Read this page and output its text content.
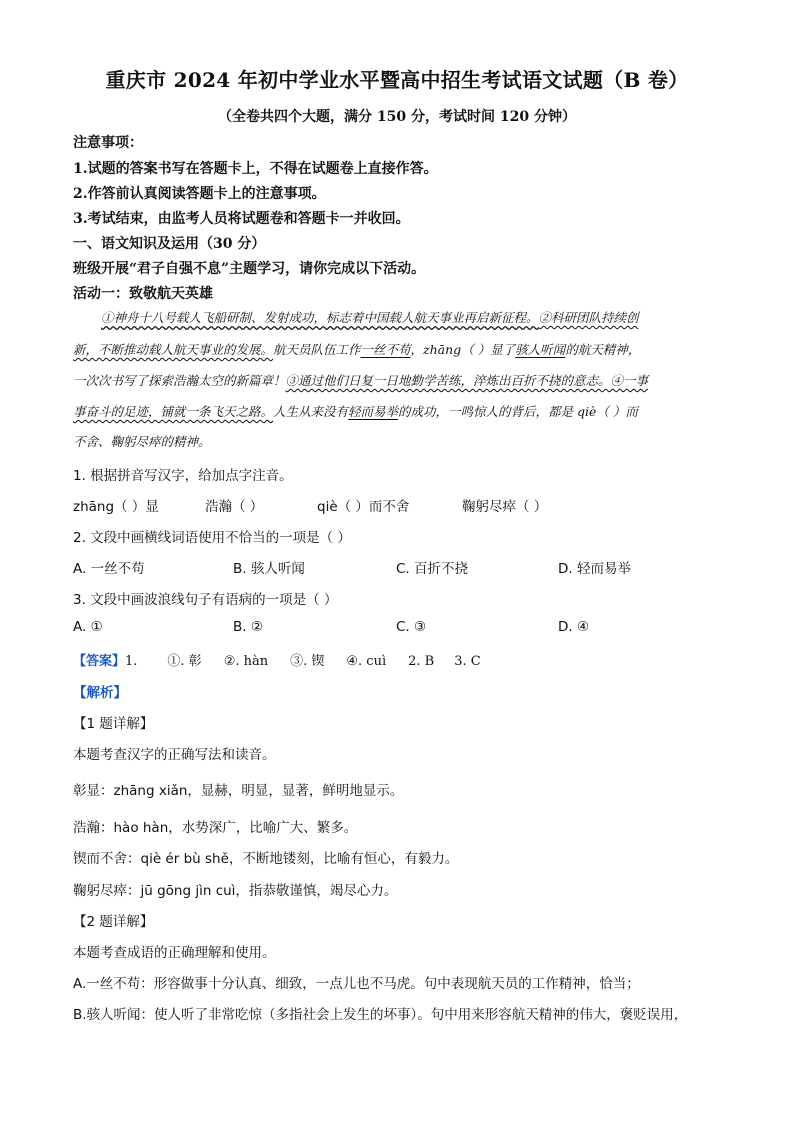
重庆市 2024 年初中学业水平暨高中招生考试语文试题（B 卷）
（全卷共四个大题，满分 150 分，考试时间 120 分钟）
注意事项：
1.试题的答案书写在答题卡上，不得在试题卷上直接作答。
2.作答前认真阅读答题卡上的注意事项。
3.考试结束，由监考人员将试题卷和答题卡一并收回。
一、语文知识及运用（30 分）
班级开展“君子自强不息”主题学习，请你完成以下活动。
活动一：致敬航天英雄
①神舟十八号载人飞船研制、发射成功，标志着中国载人航天事业再启新征程。②科研团队持续创
新，不断推动载人航天事业的发展。航天员队伍工作一丝不苟，zhāng（ ）显了骇人听闻的航天精神，
一次次书写了探索浩瀚太空的新篇章！③通过他们日复一日地勤学苦练，淬炼出百折不挠的意志。④一事
事奋斗的足迹，铺就一条飞天之路。人生从来没有轻而易举的成功，一鸣惊人的背后，都是 qiè（ ）而
不舍、鞠躬尽瘁的精神。
1. 根据拼音写汉字，给加点字注音。
zhāng（ ）显	浩瀚（ ）	qiè（ ）而不舍	鞠躬尽瘁（ ）
2. 文段中画横线词语使用不恰当的一项是（ ）
A. 一丝不苟	B. 骇人听闻	C. 百折不挠	D. 轻而易举
3. 文段中画波浪线句子有语病的一项是（ ）
A. ①	B. ②	C. ③	D. ④
【答案】1. ①. 彰 ②. hàn ③. 锲 ④. cuì 2. B 3. C
【解析】
【1 题详解】
本题考查汉字的正确写法和读音。
彰显：zhāng xiǎn，显赫，明显，显著，鲜明地显示。
浩瀚：hào hàn，水势深广，比喻广大、繁多。
锲而不舍：qiè ér bù shě，不断地镂刻，比喻有恒心，有毅力。
鞠躬尽瘁：jū gōng jìn cuì，指恭敬谨慎，竭尽心力。
【2 题详解】
本题考查成语的正确理解和使用。
A.一丝不苟：形容做事十分认真、细致，一点儿也不马虎。句中表现航天员的工作精神，恰当；
B.骇人听闻：使人听了非常吃惊（多指社会上发生的坏事）。句中用来形容航天精神的伟大，褒贬误用，
